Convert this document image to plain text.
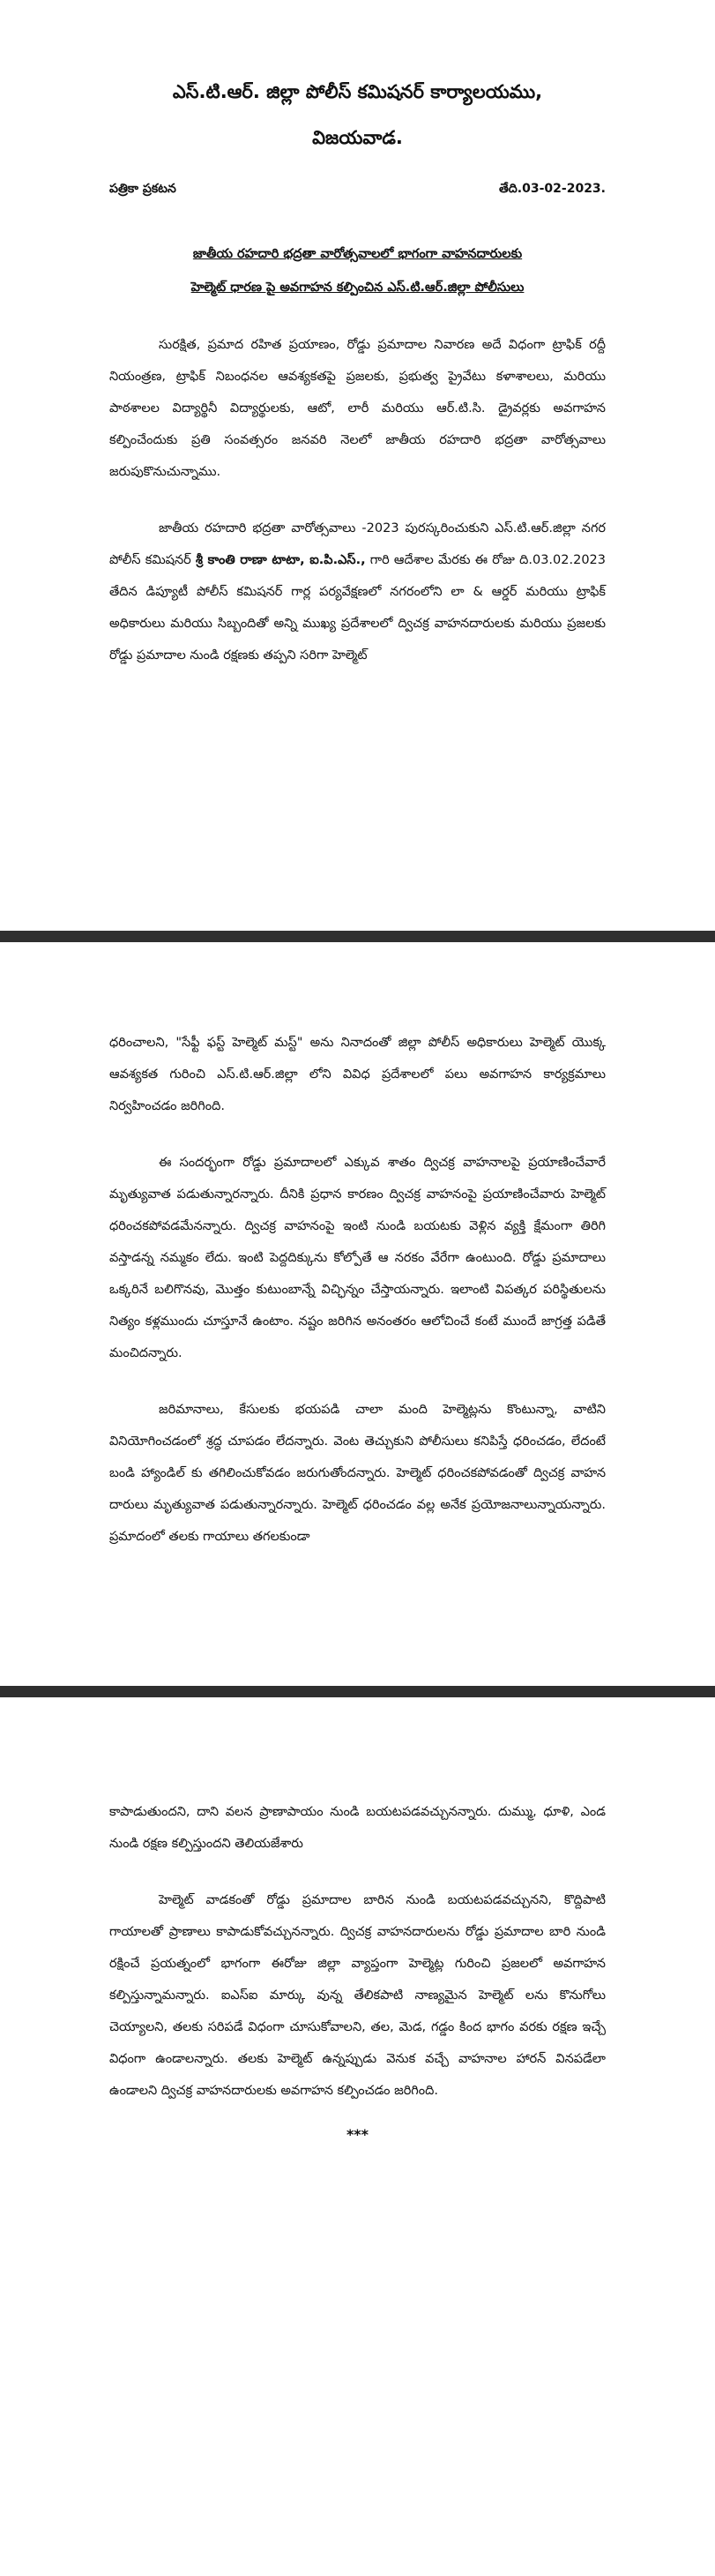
ఎస్.టి.ఆర్. జిల్లా పోలీస్ కమిషనర్ కార్యాలయము,

విజయవాడ.

పత్రికా ప్రకటన	తేది.03-02-2023.
జాతీయ రహదారి భద్రతా వారోత్సవాలలో భాగంగా వాహనదారులకు
హెల్మెట్ ధారణ పై అవగాహన కల్పించిన ఎస్.టి.ఆర్.జిల్లా పోలీసులు

సురక్షిత, ప్రమాద రహిత ప్రయాణం, రోడ్డు ప్రమాదాల నివారణ అదే విధంగా ట్రాఫిక్ రద్దీ నియంత్రణ, ట్రాఫిక్ నిబంధనల ఆవశ్యకతపై ప్రజలకు, ప్రభుత్వ ప్రైవేటు కళాశాలలు, మరియు పాఠశాలల విద్యార్థినీ విద్యార్థులకు, ఆటో, లారీ మరియు ఆర్.టి.సి. డ్రైవర్లకు అవగాహన కల్పించేందుకు ప్రతి సంవత్సరం జనవరి నెలలో జాతీయ రహదారి భద్రతా వారోత్సవాలు జరుపుకొనుచున్నాము.

జాతీయ రహదారి భద్రతా వారోత్సవాలు -2023 పురస్కరించుకుని ఎస్.టి.ఆర్.జిల్లా నగర పోలీస్ కమిషనర్ శ్రీ కాంతి రాణా టాటా, ఐ.పి.ఎస్., గారి ఆదేశాల మేరకు ఈ రోజు ది.03.02.2023 తేదిన డిప్యూటీ పోలీస్ కమిషనర్ గార్ల పర్యవేక్షణలో నగరంలోని లా & ఆర్డర్ మరియు ట్రాఫిక్ అధికారులు మరియు సిబ్బందితో అన్ని ముఖ్య ప్రదేశాలలో ద్విచక్ర వాహనదారులకు మరియు ప్రజలకు రోడ్డు ప్రమాదాల నుండి రక్షణకు తప్పని సరిగా హెల్మెట్

ధరించాలని, "సేఫ్టీ ఫస్ట్ హెల్మెట్ మస్ట్" అను నినాదంతో జిల్లా పోలీస్ అధికారులు హెల్మెట్ యొక్క ఆవశ్యకత గురించి ఎస్.టి.ఆర్.జిల్లా లోని వివిధ ప్రదేశాలలో పలు అవగాహన కార్యక్రమాలు నిర్వహించడం జరిగింది.

ఈ సందర్భంగా రోడ్డు ప్రమాదాలలో ఎక్కువ శాతం ద్విచక్ర వాహనాలపై ప్రయాణించేవారే మృత్యువాత పడుతున్నారన్నారు. దీనికి ప్రధాన కారణం ద్విచక్ర వాహనంపై ప్రయాణించేవారు హెల్మెట్ ధరించకపోవడమేనన్నారు. ద్విచక్ర వాహనంపై ఇంటి నుండి బయటకు వెళ్లిన వ్యక్తి క్షేమంగా తిరిగి వస్తాడన్న నమ్మకం లేదు. ఇంటి పెద్దదిక్కును కోల్పోతే ఆ నరకం వేరేగా ఉంటుంది. రోడ్డు ప్రమాదాలు ఒక్కరినే బలిగొనవు, మొత్తం కుటుంబాన్నే విచ్ఛిన్నం చేస్తాయన్నారు. ఇలాంటి విపత్కర పరిస్థితులను నిత్యం కళ్లముందు చూస్తూనే ఉంటాం. నష్టం జరిగిన అనంతరం ఆలోచించే కంటే ముందే జాగ్రత్త పడితే మంచిదన్నారు.

జరిమానాలు, కేసులకు భయపడి చాలా మంది హెల్మెట్లను కొంటున్నా, వాటిని వినియోగించడంలో శ్రద్ధ చూపడం లేదన్నారు. వెంట తెచ్చుకుని పోలీసులు కనిపిస్తే ధరించడం, లేదంటే బండి హ్యాండిల్ కు తగిలించుకోవడం జరుగుతోందన్నారు. హెల్మెట్ ధరించకపోవడంతో ద్విచక్ర వాహన దారులు మృత్యువాత పడుతున్నారన్నారు. హెల్మెట్ ధరించడం వల్ల అనేక ప్రయోజనాలున్నాయన్నారు. ప్రమాదంలో తలకు గాయాలు తగలకుండా

కాపాడుతుందని, దాని వలన ప్రాణాపాయం నుండి బయటపడవచ్చునన్నారు. దుమ్ము, ధూళి, ఎండ నుండి రక్షణ కల్పిస్తుందని తెలియజేశారు

హెల్మెట్ వాడకంతో రోడ్డు ప్రమాదాల బారిన నుండి బయటపడవచ్చునని, కొద్దిపాటి గాయాలతో ప్రాణాలు కాపాడుకోవచ్చునన్నారు. ద్విచక్ర వాహనదారులను రోడ్డు ప్రమాదాల బారి నుండి రక్షించే ప్రయత్నంలో భాగంగా ఈరోజు జిల్లా వ్యాప్తంగా హెల్మెట్ల గురించి ప్రజలలో అవగాహన కల్పిస్తున్నామన్నారు. ఐఎస్ఐ మార్కు వున్న తేలికపాటి నాణ్యమైన హెల్మెట్ లను కొనుగోలు చెయ్యాలని, తలకు సరిపడే విధంగా చూసుకోవాలని, తల, మెడ, గడ్డం కింద భాగం వరకు రక్షణ ఇచ్చే విధంగా ఉండాలన్నారు. తలకు హెల్మెట్ ఉన్నప్పుడు వెనుక వచ్చే వాహనాల హారన్ వినపడేలా ఉండాలని ద్విచక్ర వాహనదారులకు అవగాహన కల్పించడం జరిగింది.

***
